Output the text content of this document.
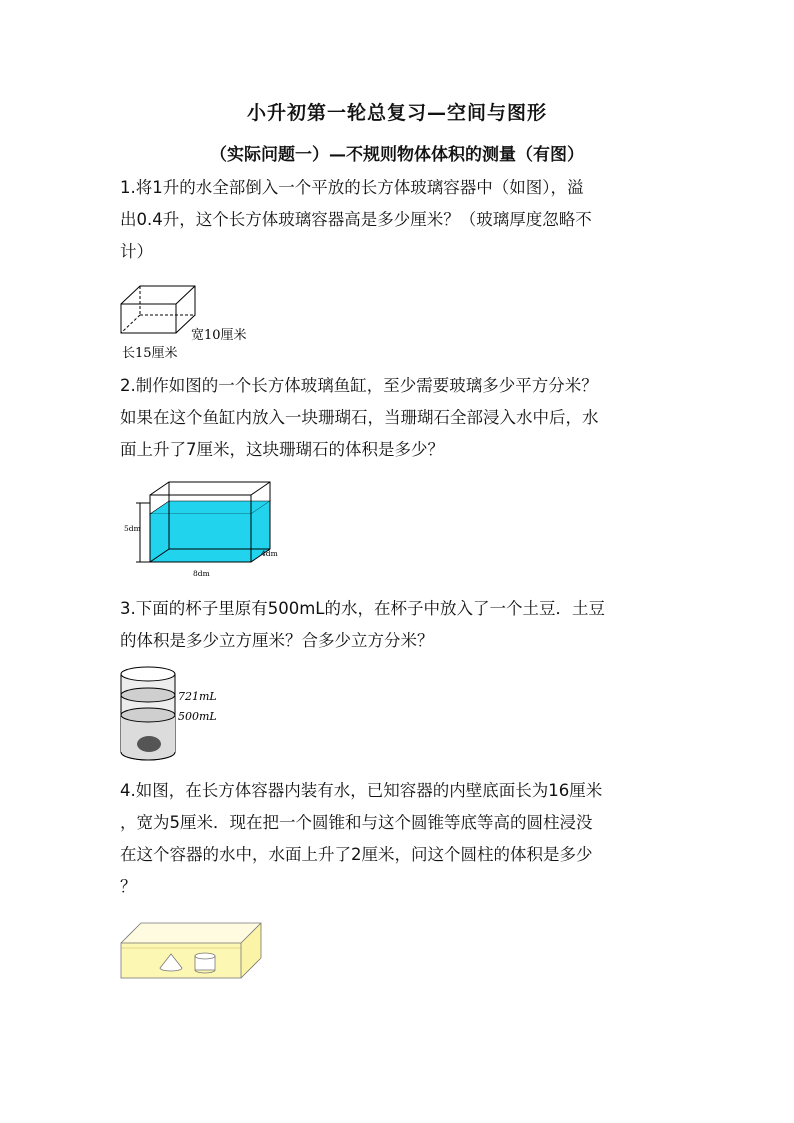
小升初第一轮总复习—空间与图形
（实际问题一）—不规则物体体积的测量（有图）
1.将1升的水全部倒入一个平放的长方体玻璃容器中（如图），溢
出0.4升，这个长方体玻璃容器高是多少厘米？（玻璃厚度忽略不
计）
宽10厘米
长15厘米
2.制作如图的一个长方体玻璃鱼缸，至少需要玻璃多少平方分米？
如果在这个鱼缸内放入一块珊瑚石，当珊瑚石全部浸入水中后，水
面上升了7厘米，这块珊瑚石的体积是多少？
5dm
4dm
8dm
3.下面的杯子里原有500mL的水，在杯子中放入了一个土豆．土豆
的体积是多少立方厘米？合多少立方分米？
721mL
500mL
4.如图，在长方体容器内装有水，已知容器的内壁底面长为16厘米
，宽为5厘米．现在把一个圆锥和与这个圆锥等底等高的圆柱浸没
在这个容器的水中，水面上升了2厘米，问这个圆柱的体积是多少
？
